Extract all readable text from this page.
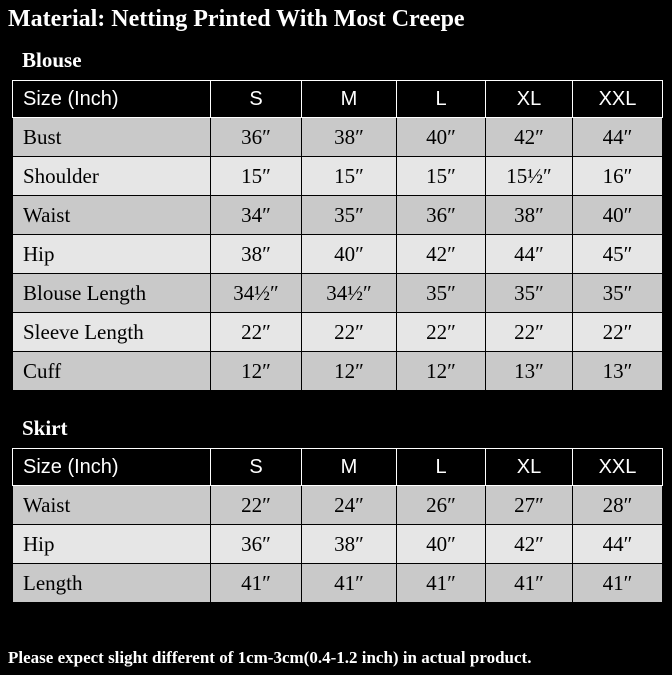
Material: Netting Printed With Most Creepe
Blouse
Size (Inch)	S	M	L	XL	XXL
Bust	36″	38″	40″	42″	44″
Shoulder	15″	15″	15″	15½″	16″
Waist	34″	35″	36″	38″	40″
Hip	38″	40″	42″	44″	45″
Blouse Length	34½″	34½″	35″	35″	35″
Sleeve Length	22″	22″	22″	22″	22″
Cuff	12″	12″	12″	13″	13″
Skirt
Size (Inch)	S	M	L	XL	XXL
Waist	22″	24″	26″	27″	28″
Hip	36″	38″	40″	42″	44″
Length	41″	41″	41″	41″	41″
Please expect slight different of 1cm-3cm(0.4-1.2 inch) in actual product.
